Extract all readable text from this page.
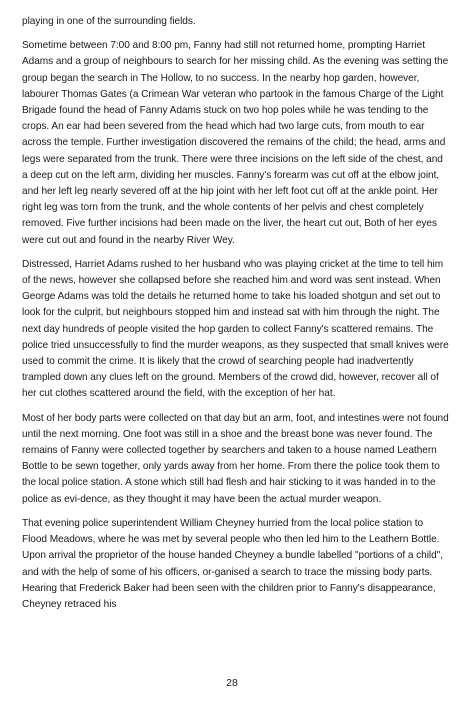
playing in one of the surrounding fields.

Sometime between 7:00 and 8:00 pm, Fanny had still not returned home, prompting Harriet Adams and a group of neighbours to search for her missing child. As the evening was setting the group began the search in The Hollow, to no success. In the nearby hop garden, however, labourer Thomas Gates (a Crimean War veteran who partook in the famous Charge of the Light Brigade found the head of Fanny Adams stuck on two hop poles while he was tending to the crops. An ear had been severed from the head which had two large cuts, from mouth to ear across the temple. Further investigation discovered the remains of the child; the head, arms and legs were separated from the trunk. There were three incisions on the left side of the chest, and a deep cut on the left arm, dividing her muscles. Fanny's forearm was cut off at the elbow joint, and her left leg nearly severed off at the hip joint with her left foot cut off at the ankle point. Her right leg was torn from the trunk, and the whole contents of her pelvis and chest completely removed. Five further incisions had been made on the liver, the heart cut out, Both of her eyes were cut out and found in the nearby River Wey.

Distressed, Harriet Adams rushed to her husband who was playing cricket at the time to tell him of the news, however she collapsed before she reached him and word was sent instead. When George Adams was told the details he returned home to take his loaded shotgun and set out to look for the culprit, but neighbours stopped him and instead sat with him through the night. The next day hundreds of people visited the hop garden to collect Fanny's scattered remains. The police tried unsuccessfully to find the murder weapons, as they suspected that small knives were used to commit the crime. It is likely that the crowd of searching people had inadvertently trampled down any clues left on the ground. Members of the crowd did, however, recover all of her cut clothes scattered around the field, with the exception of her hat.

Most of her body parts were collected on that day but an arm, foot, and intestines were not found until the next morning. One foot was still in a shoe and the breast bone was never found. The remains of Fanny were collected together by searchers and taken to a house named Leathern Bottle to be sewn together, only yards away from her home. From there the police took them to the local police station. A stone which still had flesh and hair sticking to it was handed in to the police as evi-dence, as they thought it may have been the actual murder weapon.

That evening police superintendent William Cheyney hurried from the local police station to Flood Meadows, where he was met by several people who then led him to the Leathern Bottle. Upon arrival the proprietor of the house handed Cheyney a bundle labelled "portions of a child", and with the help of some of his officers, or-ganised a search to trace the missing body parts. Hearing that Frederick Baker had been seen with the children prior to Fanny's disappearance, Cheyney retraced his

28
